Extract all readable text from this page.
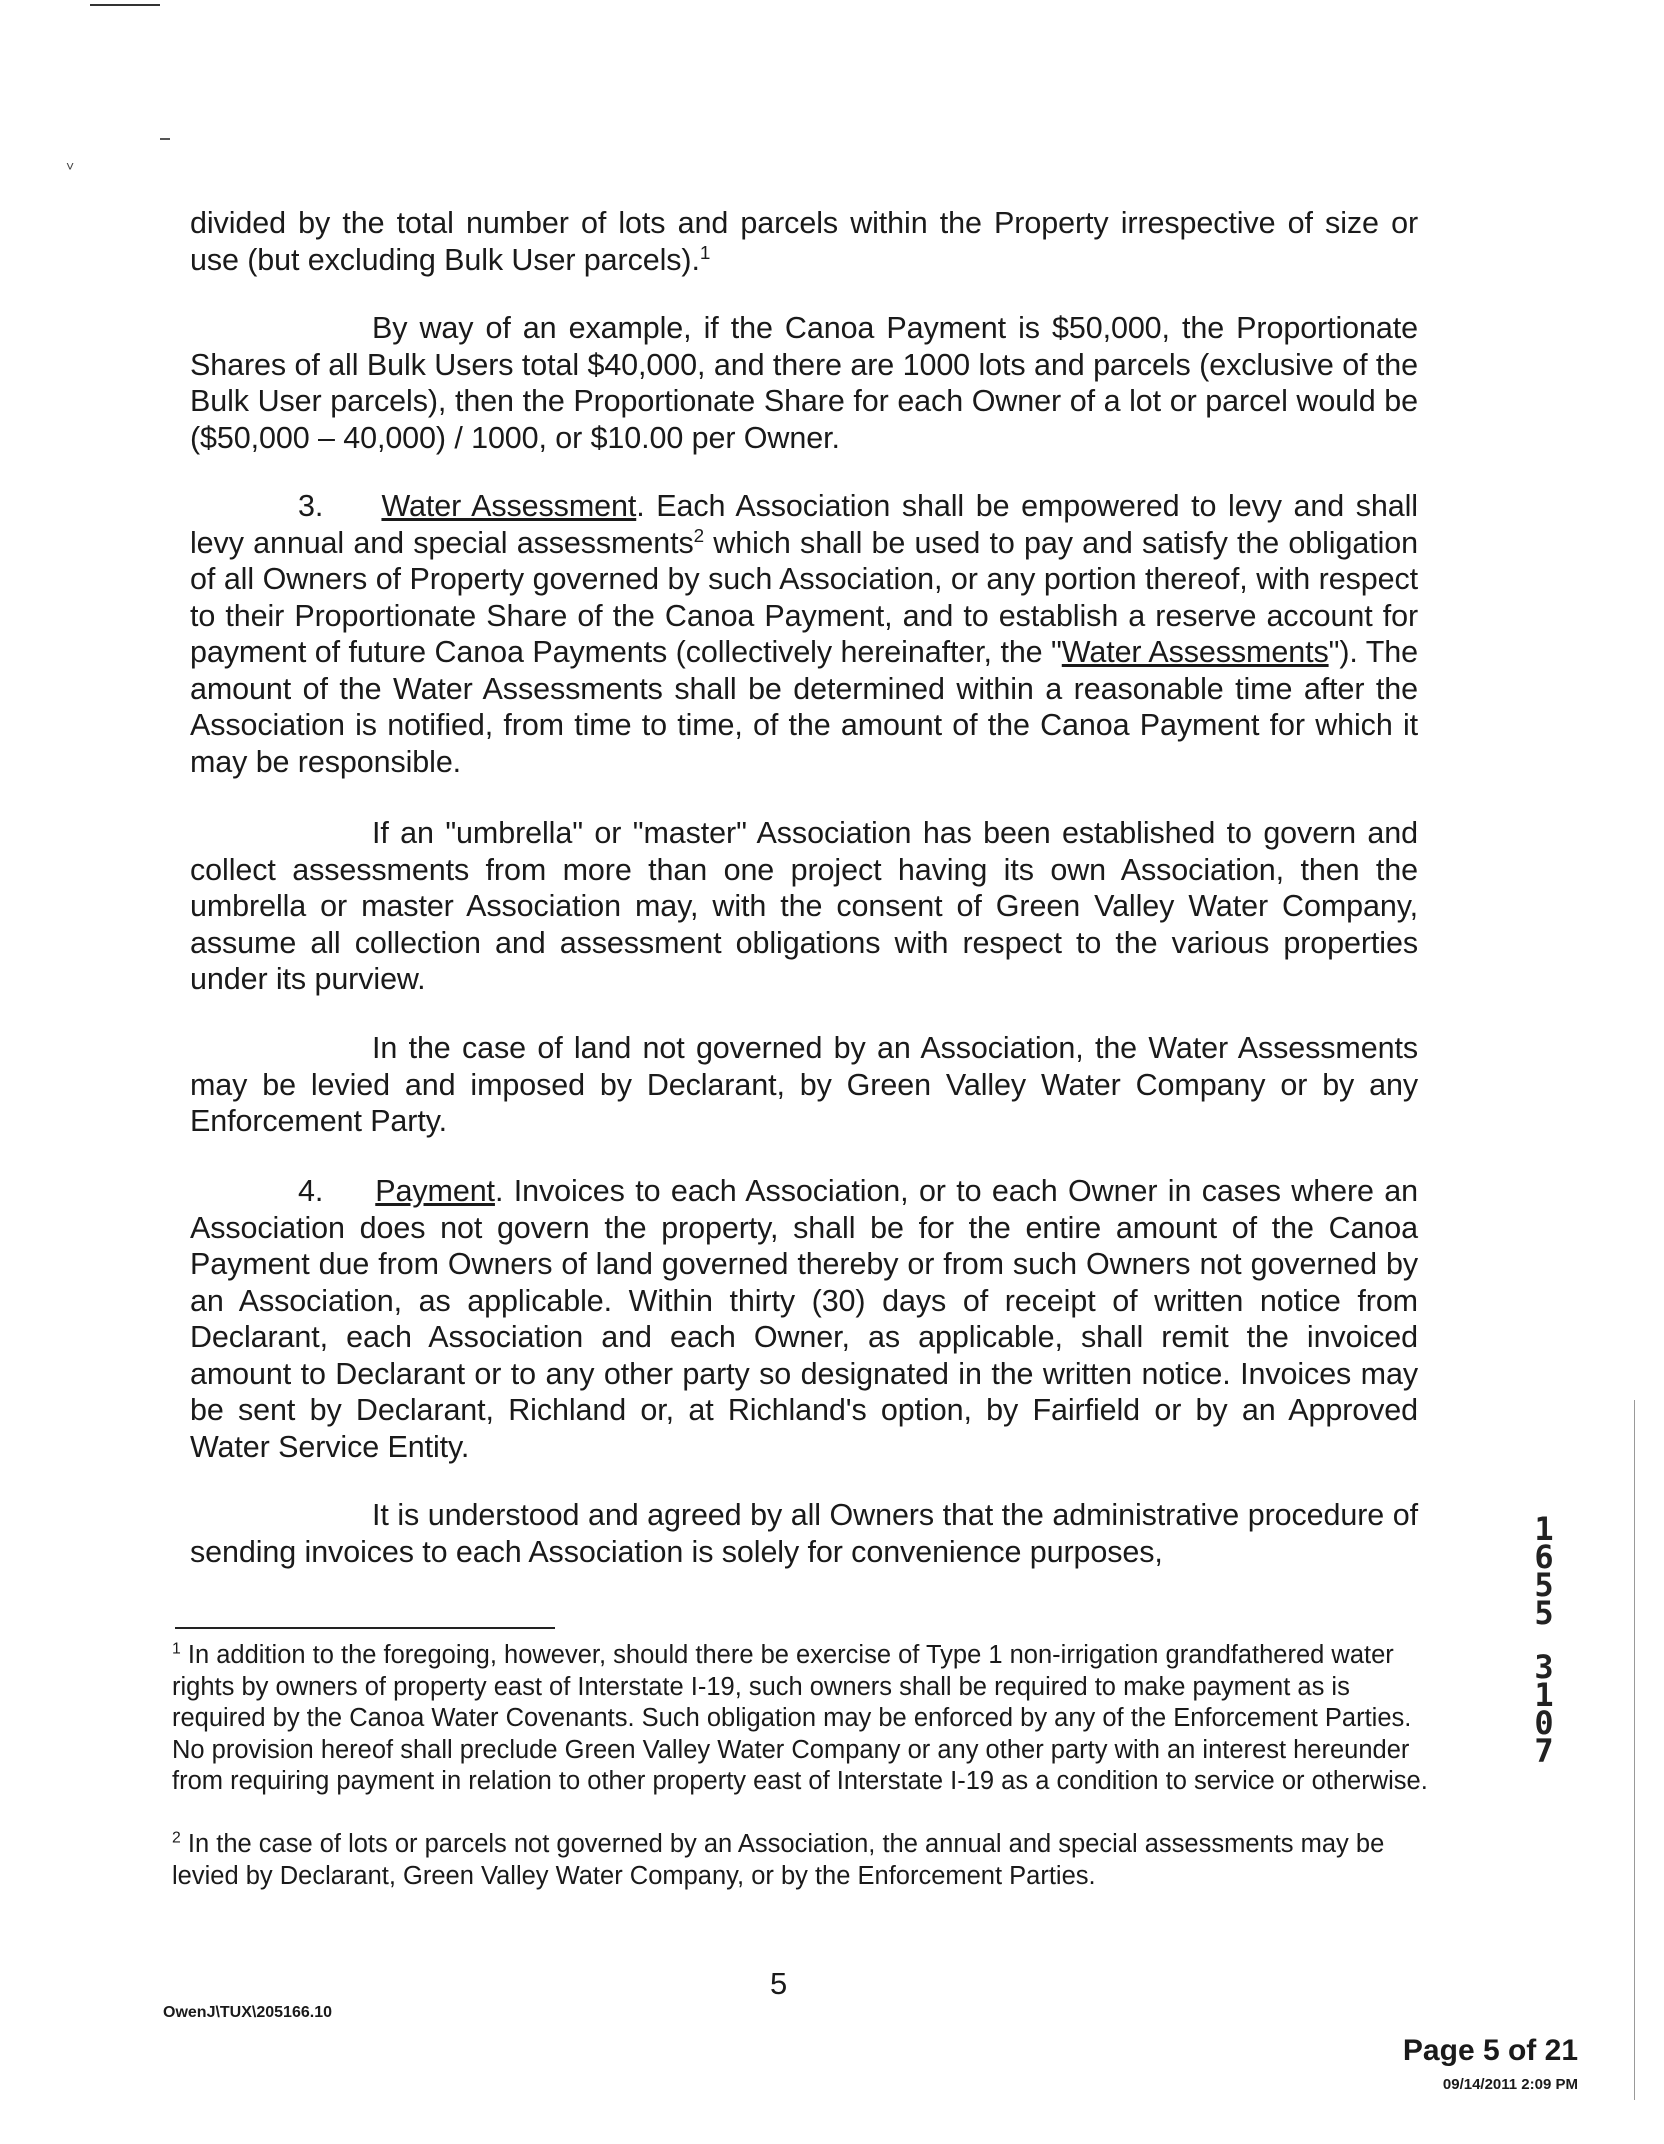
˅
divided by the total number of lots and parcels within the Property irrespective of size or use (but excluding Bulk User parcels).$^1$
By way of an example, if the Canoa Payment is $50,000, the Proportionate Shares of all Bulk Users total $40,000, and there are 1000 lots and parcels (exclusive of the Bulk User parcels), then the Proportionate Share for each Owner of a lot or parcel would be ($50,000 – 40,000) / 1000, or $10.00 per Owner.
3. Water Assessment. Each Association shall be empowered to levy and shall levy annual and special assessments$^2$ which shall be used to pay and satisfy the obligation of all Owners of Property governed by such Association, or any portion thereof, with respect to their Proportionate Share of the Canoa Payment, and to establish a reserve account for payment of future Canoa Payments (collectively hereinafter, the "Water Assessments"). The amount of the Water Assessments shall be determined within a reasonable time after the Association is notified, from time to time, of the amount of the Canoa Payment for which it may be responsible.
If an "umbrella" or "master" Association has been established to govern and collect assessments from more than one project having its own Association, then the umbrella or master Association may, with the consent of Green Valley Water Company, assume all collection and assessment obligations with respect to the various properties under its purview.
In the case of land not governed by an Association, the Water Assessments may be levied and imposed by Declarant, by Green Valley Water Company or by any Enforcement Party.
4. Payment. Invoices to each Association, or to each Owner in cases where an Association does not govern the property, shall be for the entire amount of the Canoa Payment due from Owners of land governed thereby or from such Owners not governed by an Association, as applicable. Within thirty (30) days of receipt of written notice from Declarant, each Association and each Owner, as applicable, shall remit the invoiced amount to Declarant or to any other party so designated in the written notice. Invoices may be sent by Declarant, Richland or, at Richland's option, by Fairfield or by an Approved Water Service Entity.
It is understood and agreed by all Owners that the administrative procedure of sending invoices to each Association is solely for convenience purposes,
$^1$ In addition to the foregoing, however, should there be exercise of Type 1 non-irrigation grandfathered water rights by owners of property east of Interstate I-19, such owners shall be required to make payment as is required by the Canoa Water Covenants. Such obligation may be enforced by any of the Enforcement Parties. No provision hereof shall preclude Green Valley Water Company or any other party with an interest hereunder from requiring payment in relation to other property east of Interstate I-19 as a condition to service or otherwise.
$^2$ In the case of lots or parcels not governed by an Association, the annual and special assessments may be levied by Declarant, Green Valley Water Company, or by the Enforcement Parties.
5
OwenJ\TUX\205166.10
Page 5 of 21
09/14/2011 2:09 PM
1
6
5
5
3
1
0
7
